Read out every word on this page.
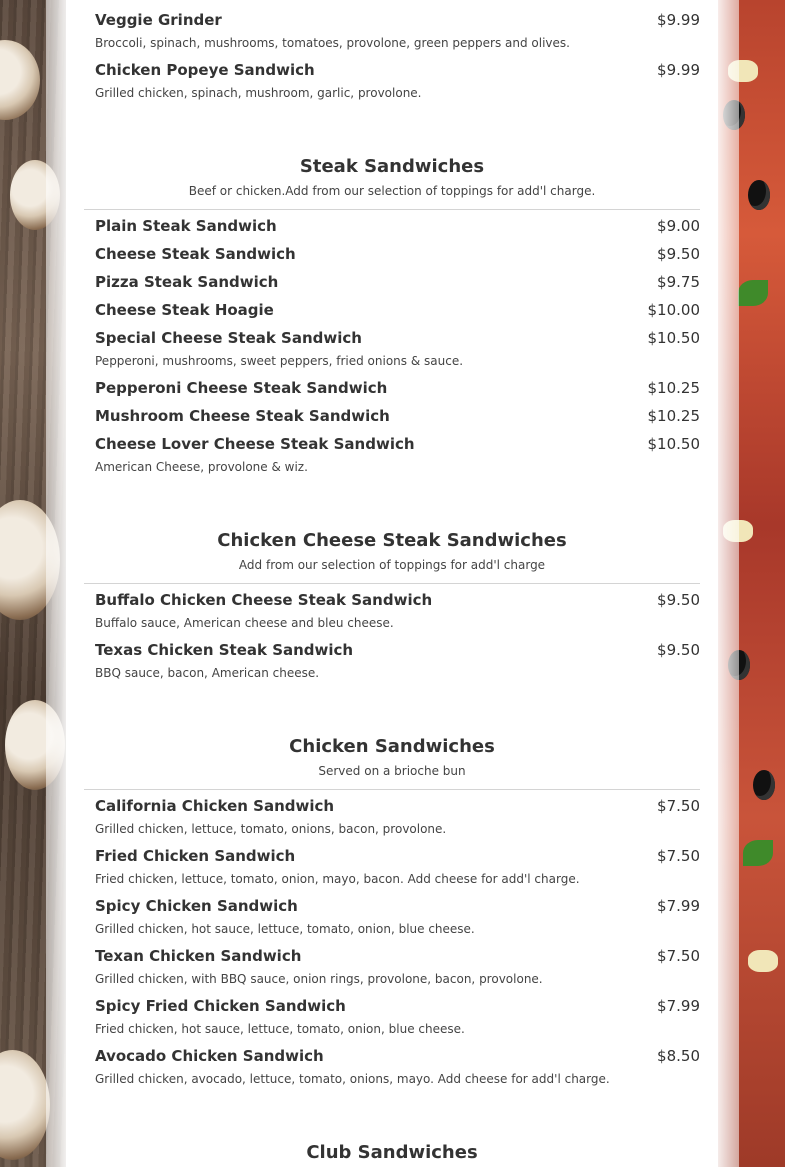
Veggie Grinder	$9.99
Broccoli, spinach, mushrooms, tomatoes, provolone, green peppers and olives.
Chicken Popeye Sandwich	$9.99
Grilled chicken, spinach, mushroom, garlic, provolone.
Steak Sandwiches
Beef or chicken.Add from our selection of toppings for add'l charge.
Plain Steak Sandwich	$9.00
Cheese Steak Sandwich	$9.50
Pizza Steak Sandwich	$9.75
Cheese Steak Hoagie	$10.00
Special Cheese Steak Sandwich	$10.50
Pepperoni, mushrooms, sweet peppers, fried onions & sauce.
Pepperoni Cheese Steak Sandwich	$10.25
Mushroom Cheese Steak Sandwich	$10.25
Cheese Lover Cheese Steak Sandwich	$10.50
American Cheese, provolone & wiz.
Chicken Cheese Steak Sandwiches
Add from our selection of toppings for add'l charge
Buffalo Chicken Cheese Steak Sandwich	$9.50
Buffalo sauce, American cheese and bleu cheese.
Texas Chicken Steak Sandwich	$9.50
BBQ sauce, bacon, American cheese.
Chicken Sandwiches
Served on a brioche bun
California Chicken Sandwich	$7.50
Grilled chicken, lettuce, tomato, onions, bacon, provolone.
Fried Chicken Sandwich	$7.50
Fried chicken, lettuce, tomato, onion, mayo, bacon. Add cheese for add'l charge.
Spicy Chicken Sandwich	$7.99
Grilled chicken, hot sauce, lettuce, tomato, onion, blue cheese.
Texan Chicken Sandwich	$7.50
Grilled chicken, with BBQ sauce, onion rings, provolone, bacon, provolone.
Spicy Fried Chicken Sandwich	$7.99
Fried chicken, hot sauce, lettuce, tomato, onion, blue cheese.
Avocado Chicken Sandwich	$8.50
Grilled chicken, avocado, lettuce, tomato, onions, mayo. Add cheese for add'l charge.
Club Sandwiches
